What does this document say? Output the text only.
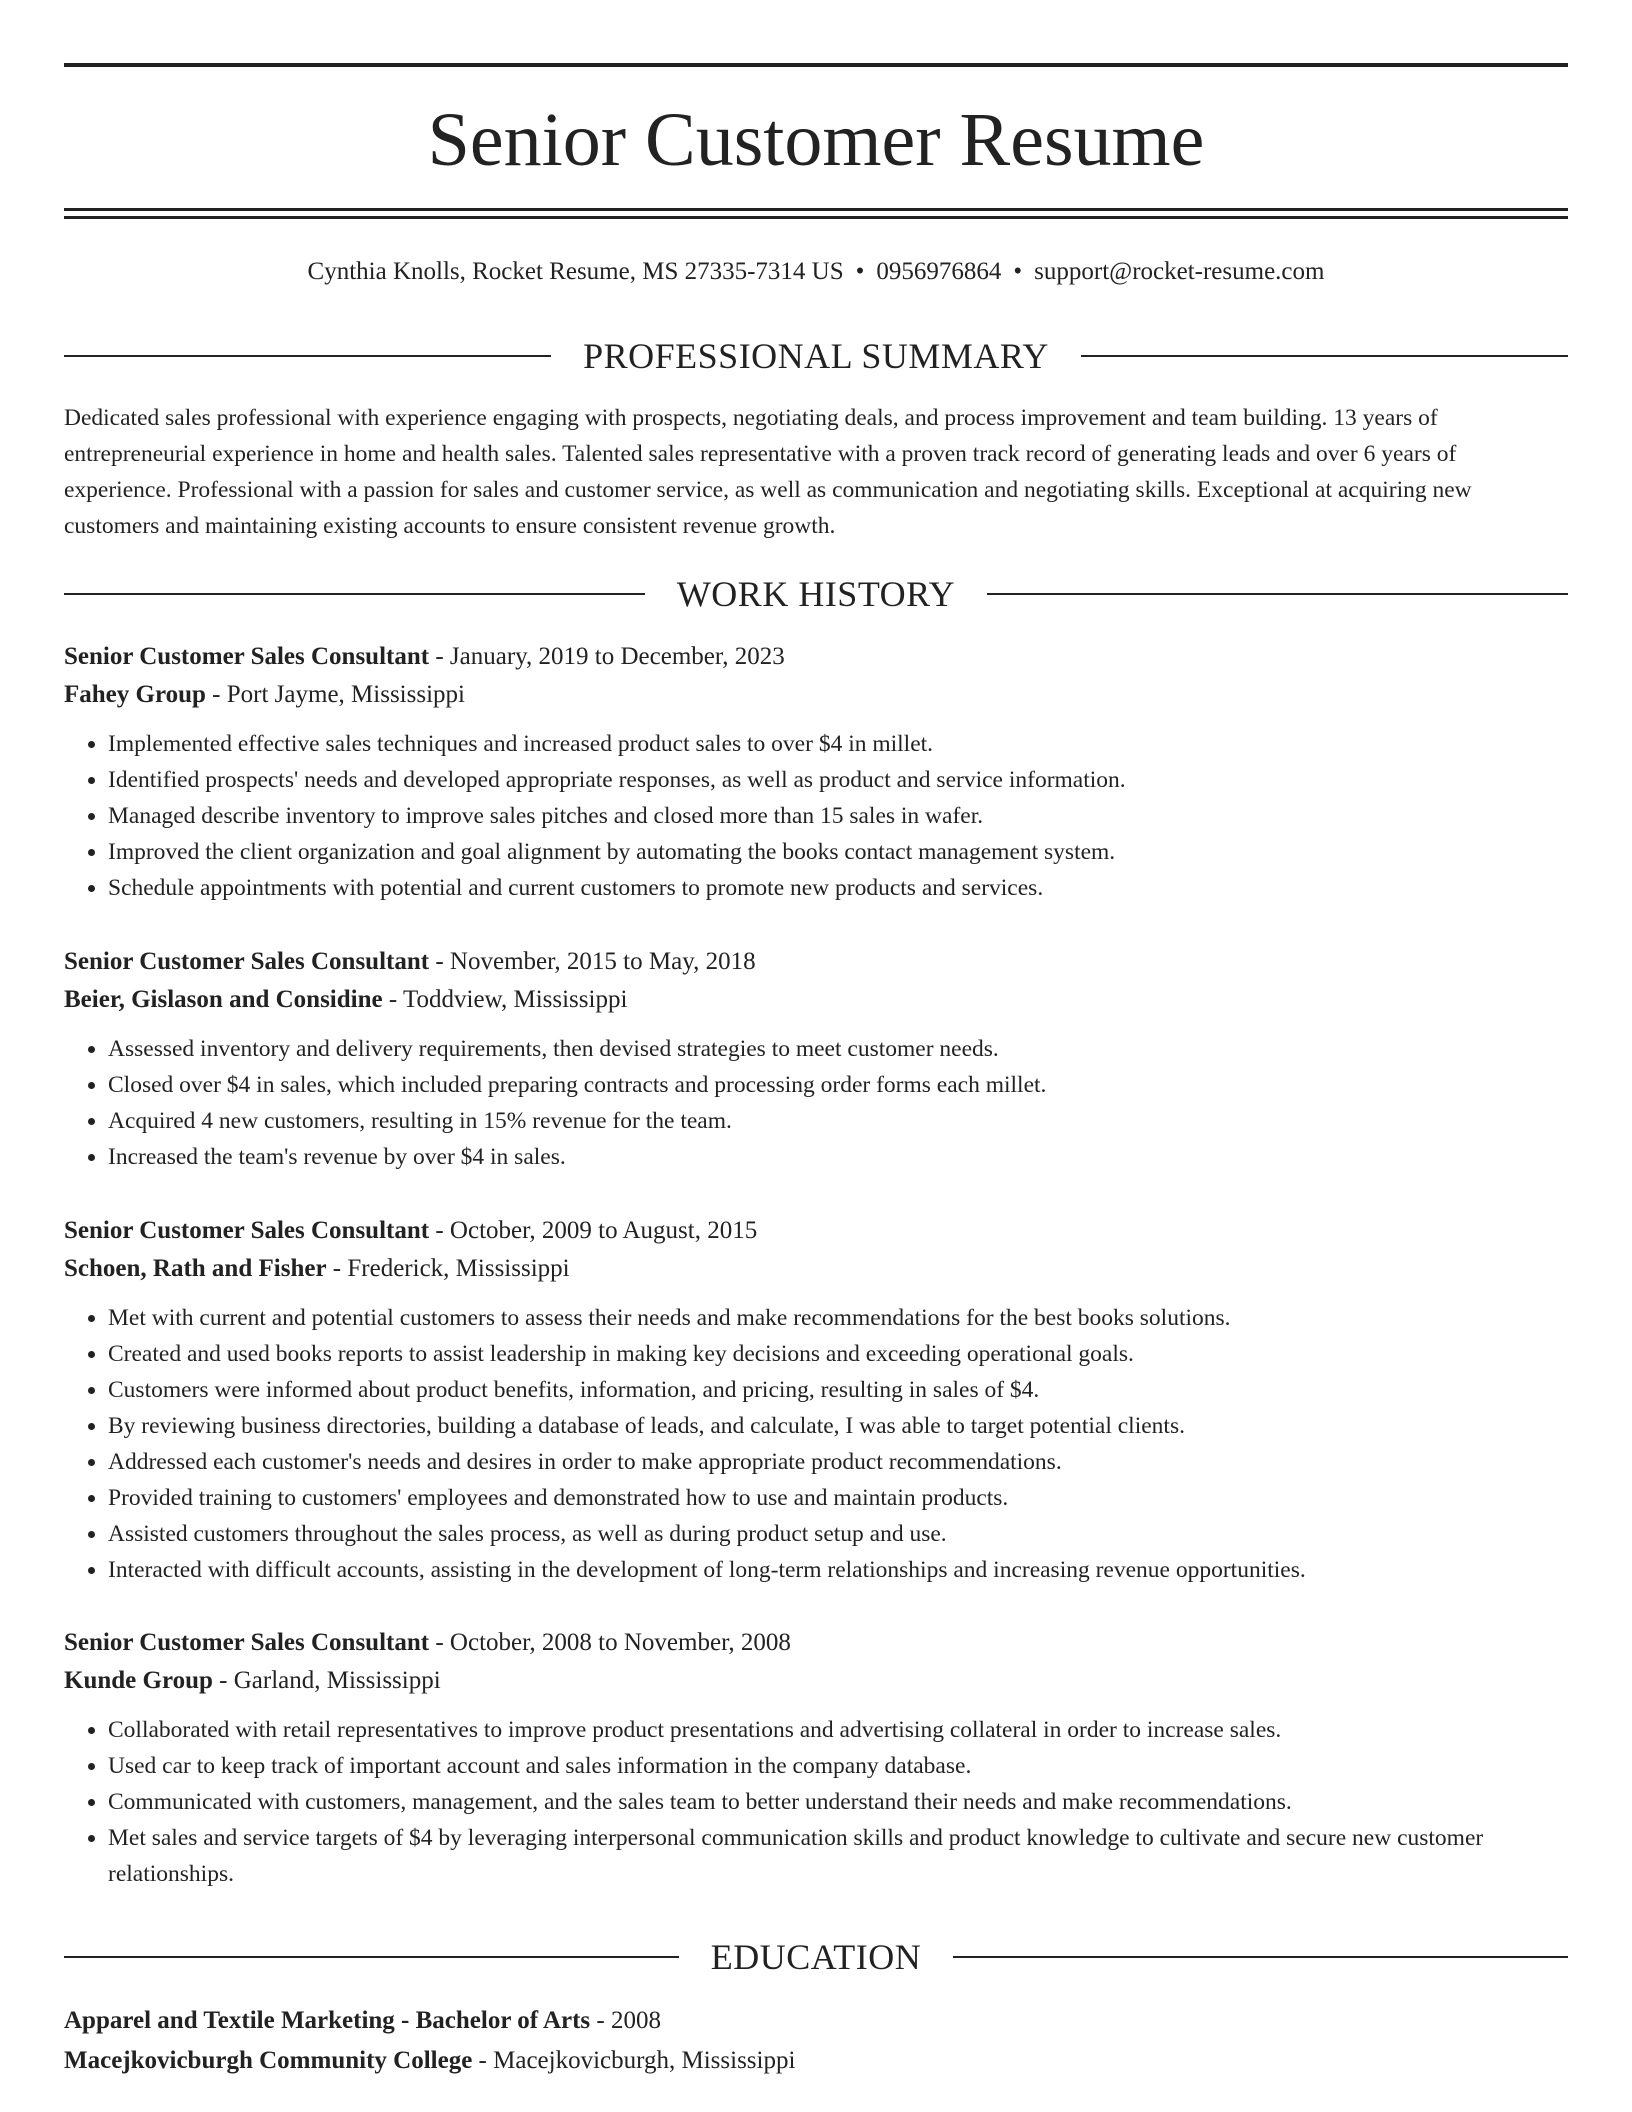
Senior Customer Resume
Cynthia Knolls, Rocket Resume, MS 27335-7314 US • 0956976864 • support@rocket-resume.com
PROFESSIONAL SUMMARY

Dedicated sales professional with experience engaging with prospects, negotiating deals, and process improvement and team building. 13 years of entrepreneurial experience in home and health sales. Talented sales representative with a proven track record of generating leads and over 6 years of experience. Professional with a passion for sales and customer service, as well as communication and negotiating skills. Exceptional at acquiring new customers and maintaining existing accounts to ensure consistent revenue growth.

WORK HISTORY
Senior Customer Sales Consultant - January, 2019 to December, 2023
Fahey Group - Port Jayme, Mississippi
• Implemented effective sales techniques and increased product sales to over $4 in millet.
• Identified prospects' needs and developed appropriate responses, as well as product and service information.
• Managed describe inventory to improve sales pitches and closed more than 15 sales in wafer.
• Improved the client organization and goal alignment by automating the books contact management system.
• Schedule appointments with potential and current customers to promote new products and services.
Senior Customer Sales Consultant - November, 2015 to May, 2018
Beier, Gislason and Considine - Toddview, Mississippi
• Assessed inventory and delivery requirements, then devised strategies to meet customer needs.
• Closed over $4 in sales, which included preparing contracts and processing order forms each millet.
• Acquired 4 new customers, resulting in 15% revenue for the team.
• Increased the team's revenue by over $4 in sales.
Senior Customer Sales Consultant - October, 2009 to August, 2015
Schoen, Rath and Fisher - Frederick, Mississippi
• Met with current and potential customers to assess their needs and make recommendations for the best books solutions.
• Created and used books reports to assist leadership in making key decisions and exceeding operational goals.
• Customers were informed about product benefits, information, and pricing, resulting in sales of $4.
• By reviewing business directories, building a database of leads, and calculate, I was able to target potential clients.
• Addressed each customer's needs and desires in order to make appropriate product recommendations.
• Provided training to customers' employees and demonstrated how to use and maintain products.
• Assisted customers throughout the sales process, as well as during product setup and use.
• Interacted with difficult accounts, assisting in the development of long-term relationships and increasing revenue opportunities.
Senior Customer Sales Consultant - October, 2008 to November, 2008
Kunde Group - Garland, Mississippi
• Collaborated with retail representatives to improve product presentations and advertising collateral in order to increase sales.
• Used car to keep track of important account and sales information in the company database.
• Communicated with customers, management, and the sales team to better understand their needs and make recommendations.
• Met sales and service targets of $4 by leveraging interpersonal communication skills and product knowledge to cultivate and secure new customer relationships.
EDUCATION
Apparel and Textile Marketing - Bachelor of Arts - 2008
Macejkovicburgh Community College - Macejkovicburgh, Mississippi
